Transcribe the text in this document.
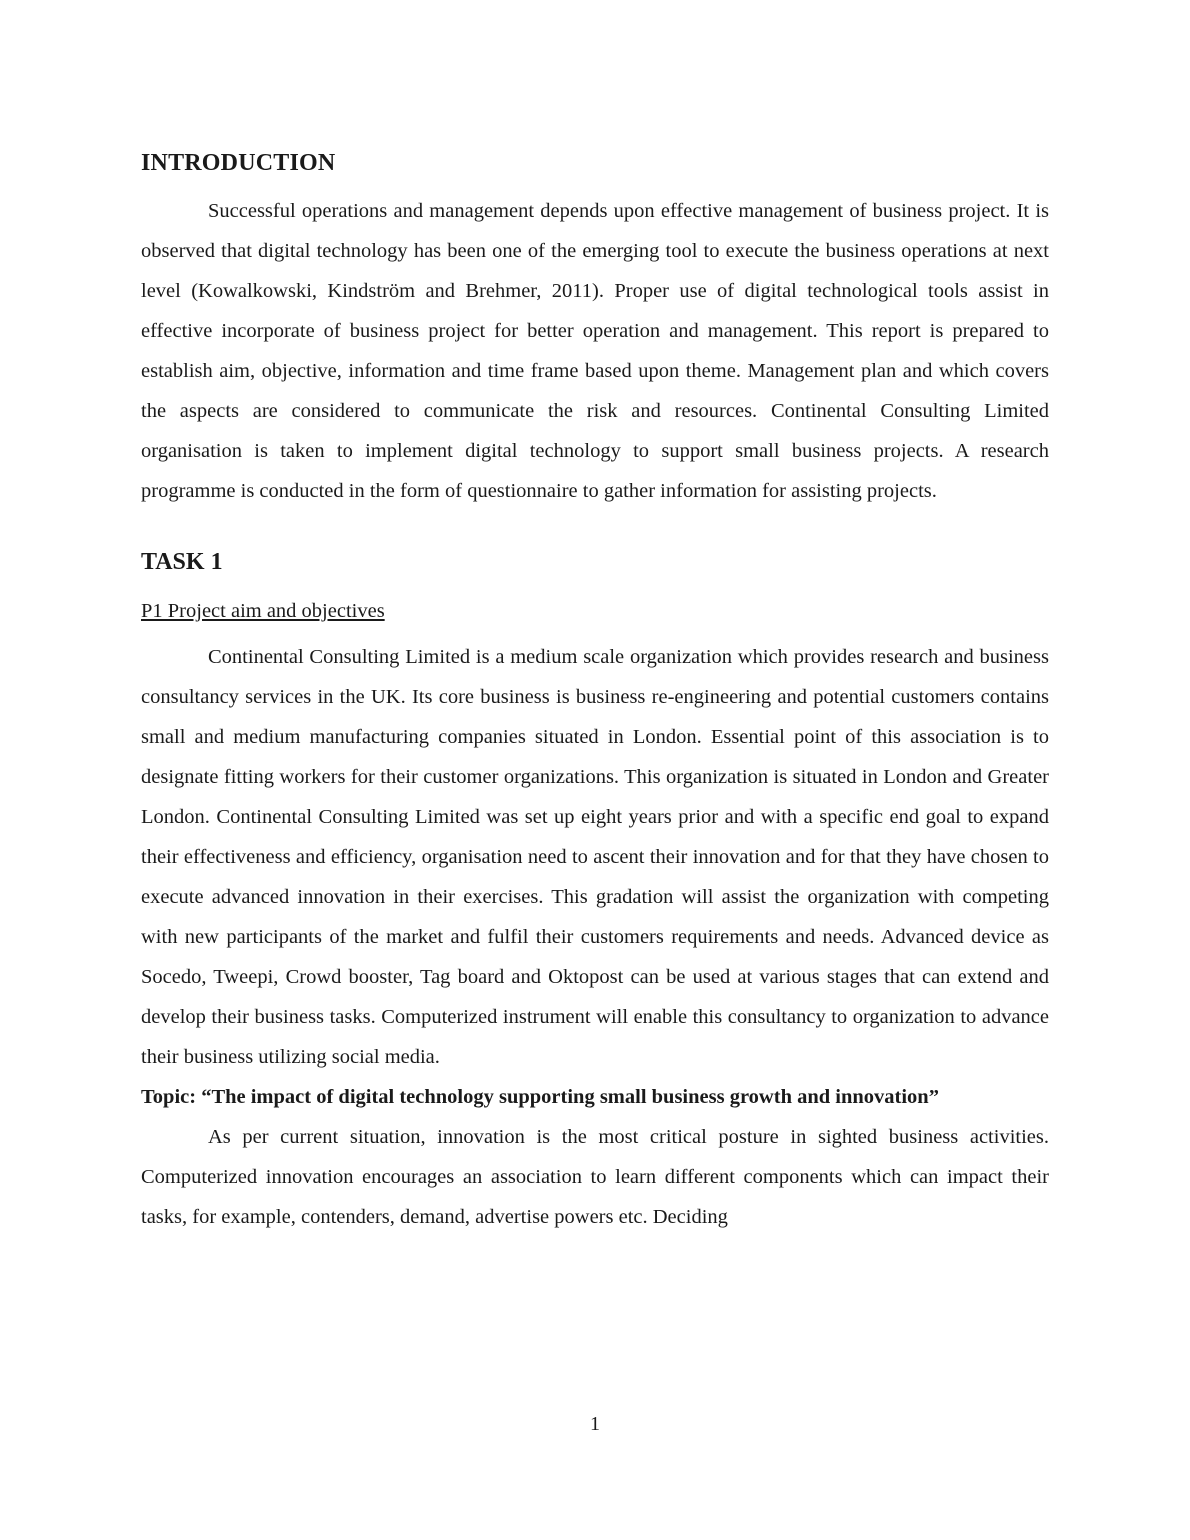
INTRODUCTION

Successful operations and management depends upon effective management of business project. It is observed that digital technology has been one of the emerging tool to execute the business operations at next level (Kowalkowski, Kindström and Brehmer, 2011). Proper use of digital technological tools assist in effective incorporate of business project for better operation and management. This report is prepared to establish aim, objective, information and time frame based upon theme. Management plan and which covers the aspects are considered to communicate the risk and resources. Continental Consulting Limited organisation is taken to implement digital technology to support small business projects. A research programme is conducted in the form of questionnaire to gather information for assisting projects.

TASK 1
P1 Project aim and objectives

Continental Consulting Limited is a medium scale organization which provides research and business consultancy services in the UK. Its core business is business re-engineering and potential customers contains small and medium manufacturing companies situated in London. Essential point of this association is to designate fitting workers for their customer organizations. This organization is situated in London and Greater London. Continental Consulting Limited was set up eight years prior and with a specific end goal to expand their effectiveness and efficiency, organisation need to ascent their innovation and for that they have chosen to execute advanced innovation in their exercises. This gradation will assist the organization with competing with new participants of the market and fulfil their customers requirements and needs. Advanced device as Socedo, Tweepi, Crowd booster, Tag board and Oktopost can be used at various stages that can extend and develop their business tasks. Computerized instrument will enable this consultancy to organization to advance their business utilizing social media.

Topic: “The impact of digital technology supporting small business growth and innovation”

As per current situation, innovation is the most critical posture in sighted business activities. Computerized innovation encourages an association to learn different components which can impact their tasks, for example, contenders, demand, advertise powers etc. Deciding

1
